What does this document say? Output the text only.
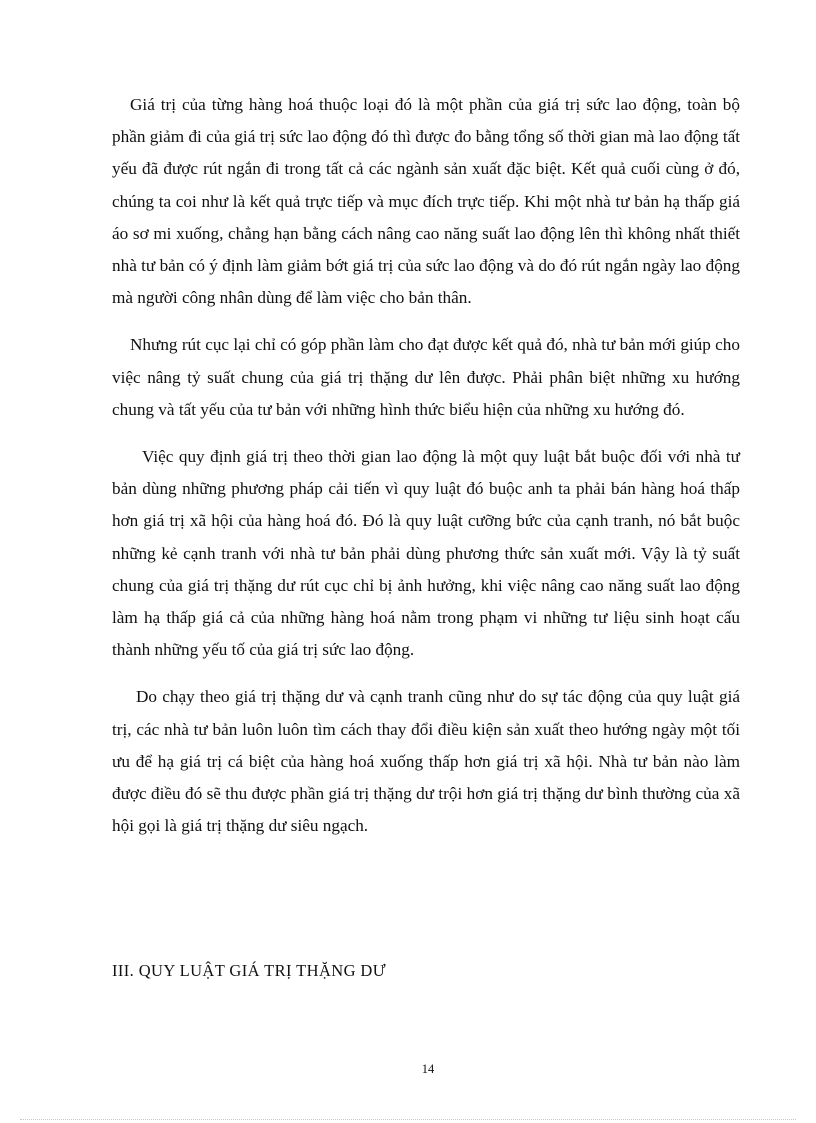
Giá trị của từng hàng hoá thuộc loại đó là một phần của giá trị sức lao động, toàn bộ phần giảm đi của giá trị sức lao động đó thì được đo bằng tổng số thời gian mà lao động tất yếu đã được rút ngắn đi trong tất cả các ngành sản xuất đặc biệt. Kết quả cuối cùng ở đó, chúng ta coi như là kết quả trực tiếp và mục đích trực tiếp. Khi một nhà tư bản hạ thấp giá áo sơ mi xuống, chẳng hạn bằng cách nâng cao năng suất lao động lên thì không nhất thiết nhà tư bản có ý định làm giảm bớt giá trị của sức lao động và do đó rút ngắn ngày lao động mà người công nhân dùng để làm việc cho bản thân.

Nhưng rút cục lại chỉ có góp phần làm cho đạt được kết quả đó, nhà tư bản mới giúp cho việc nâng tỷ suất chung của giá trị thặng dư lên được. Phải phân biệt những xu hướng chung và tất yếu của tư bản với những hình thức biểu hiện của những xu hướng đó.

Việc quy định giá trị theo thời gian lao động là một quy luật bắt buộc đối với nhà tư bản dùng những phương pháp cải tiến vì quy luật đó buộc anh ta phải bán hàng hoá thấp hơn giá trị xã hội của hàng hoá đó. Đó là quy luật cưỡng bức của cạnh tranh, nó bắt buộc những kẻ cạnh tranh với nhà tư bản phải dùng phương thức sản xuất mới. Vậy là tỷ suất chung của giá trị thặng dư rút cục chỉ bị ảnh hưởng, khi việc nâng cao năng suất lao động làm hạ thấp giá cả của những hàng hoá nằm trong phạm vi những tư liệu sinh hoạt cấu thành những yếu tố của giá trị sức lao động.

Do chạy theo giá trị thặng dư và cạnh tranh cũng như do sự tác động của quy luật giá trị, các nhà tư bản luôn luôn tìm cách thay đổi điều kiện sản xuất theo hướng ngày một tối ưu để hạ giá trị cá biệt của hàng hoá xuống thấp hơn giá trị xã hội. Nhà tư bản nào làm được điều đó sẽ thu được phần giá trị thặng dư trội hơn giá trị thặng dư bình thường của xã hội gọi là giá trị thặng dư siêu ngạch.

III. QUY LUẬT GIÁ TRỊ THẶNG DƯ
14
